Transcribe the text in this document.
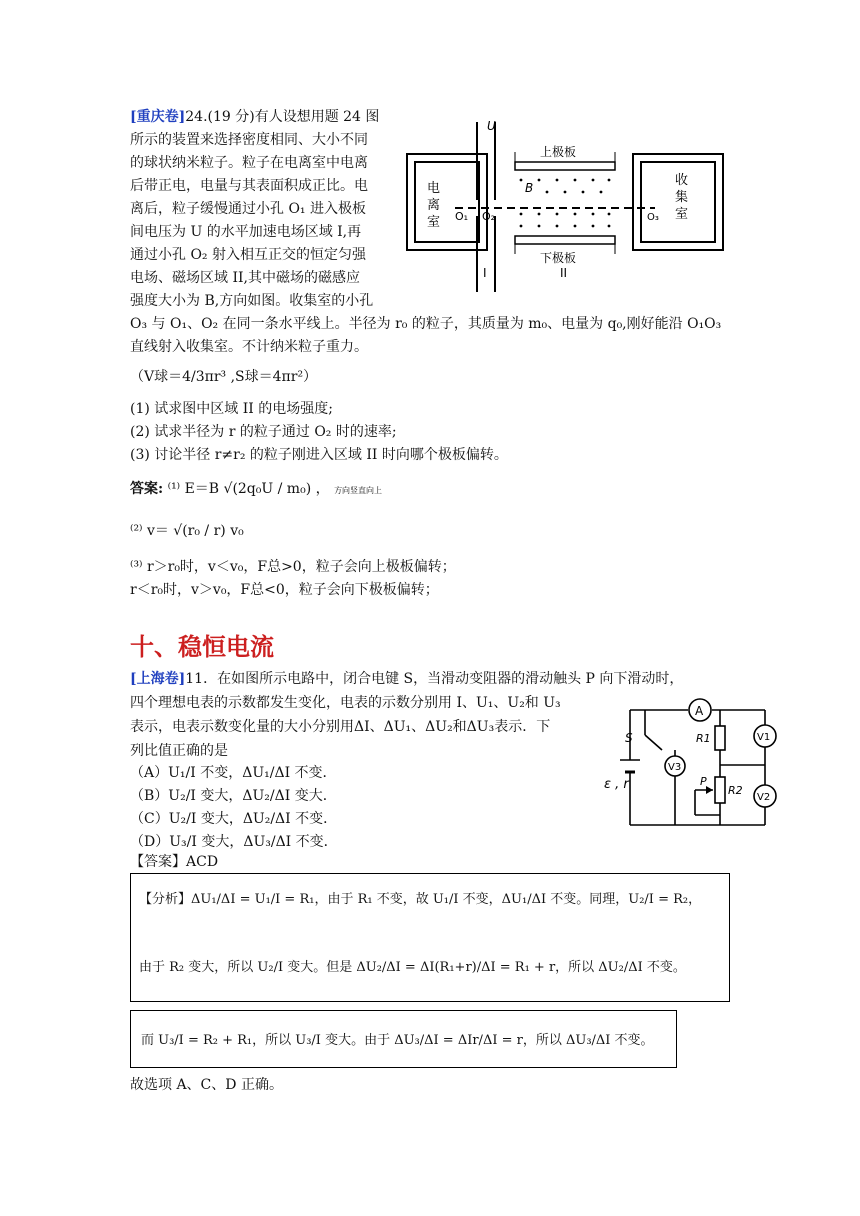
[重庆卷]24.(19 分)有人设想用题 24 图
所示的装置来选择密度相同、大小不同
的球状纳米粒子。粒子在电离室中电离
后带正电，电量与其表面积成正比。电
离后，粒子缓慢通过小孔 O₁ 进入极板
间电压为 U 的水平加速电场区域 I,再
通过小孔 O₂ 射入相互正交的恒定匀强
电场、磁场区域 II,其中磁场的磁感应
强度大小为 B,方向如图。收集室的小孔
O₃ 与 O₁、O₂ 在同一条水平线上。半径为 r₀ 的粒子，其质量为 m₀、电量为 q₀,刚好能沿 O₁O₃
直线射入收集室。不计纳米粒子重力。
（V球＝4/3πr³ ,S球＝4πr²）
(1) 试求图中区域 II 的电场强度;
(2) 试求半径为 r 的粒子通过 O₂ 时的速率;
(3) 讨论半径 r≠r₂ 的粒子刚进入区域 II 时向哪个极板偏转。
答案: ⁽¹⁾ E＝B √(2q₀U / m₀) ， 方向竖直向上
⁽²⁾ v＝ √(r₀ / r) v₀
⁽³⁾ r＞r₀时，v＜v₀，F总>0，粒子会向上极板偏转；
r＜r₀时，v＞v₀，F总<0，粒子会向下极板偏转；
电
离
室
U
O₁ O₂
I
上极板
下极板
II
B	收
集
室
O₃
十、稳恒电流
[上海卷]11．在如图所示电路中，闭合电键 S，当滑动变阻器的滑动触头 P 向下滑动时，
四个理想电表的示数都发生变化，电表的示数分别用 I、U₁、U₂和 U₃
表示，电表示数变化量的大小分别用ΔI、ΔU₁、ΔU₂和ΔU₃表示．下
列比值正确的是
（A）U₁/I 不变，ΔU₁/ΔI 不变．
（B）U₂/I 变大，ΔU₂/ΔI 变大．
（C）U₂/I 变大，ΔU₂/ΔI 不变．
（D）U₃/I 变大，ΔU₃/ΔI 不变．
【答案】ACD
A
V1
V2
V3
S
ε , r
R1
R2
P
【分析】ΔU₁/ΔI = U₁/I = R₁，由于 R₁ 不变，故 U₁/I 不变，ΔU₁/ΔI 不变。同理，U₂/I = R₂，
由于 R₂ 变大，所以 U₂/I 变大。但是 ΔU₂/ΔI = ΔI(R₁+r)/ΔI = R₁ + r，所以 ΔU₂/ΔI 不变。
而 U₃/I = R₂ + R₁，所以 U₃/I 变大。由于 ΔU₃/ΔI = ΔIr/ΔI = r，所以 ΔU₃/ΔI 不变。
故选项 A、C、D 正确。
